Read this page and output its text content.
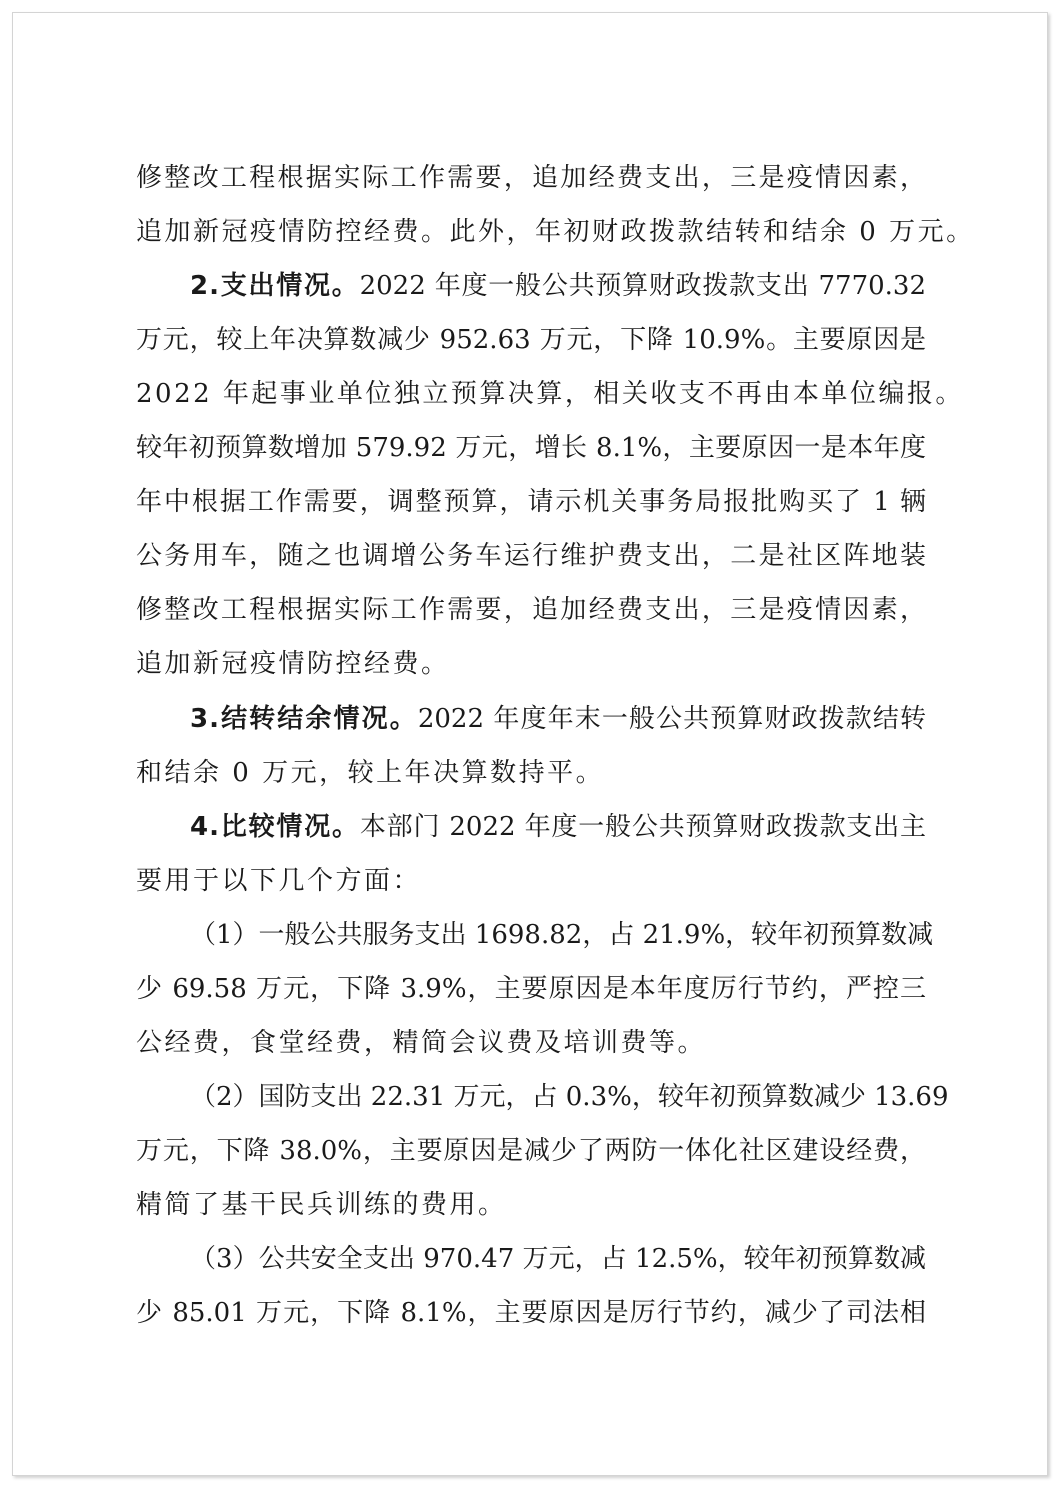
修整改工程根据实际工作需要，追加经费支出，三是疫情因素，
追加新冠疫情防控经费。此外，年初财政拨款结转和结余 0 万元。
2.支出情况。2022 年度一般公共预算财政拨款支出 7770.32
万元，较上年决算数减少 952.63 万元，下降 10.9%。主要原因是
2022 年起事业单位独立预算决算，相关收支不再由本单位编报。
较年初预算数增加 579.92 万元，增长 8.1%，主要原因一是本年度
年中根据工作需要，调整预算，请示机关事务局报批购买了 1 辆
公务用车，随之也调增公务车运行维护费支出，二是社区阵地装
修整改工程根据实际工作需要，追加经费支出，三是疫情因素，
追加新冠疫情防控经费。
3.结转结余情况。2022 年度年末一般公共预算财政拨款结转
和结余 0 万元，较上年决算数持平。
4.比较情况。本部门 2022 年度一般公共预算财政拨款支出主
要用于以下几个方面：
（1）一般公共服务支出 1698.82，占 21.9%，较年初预算数减
少 69.58 万元，下降 3.9%，主要原因是本年度厉行节约，严控三
公经费，食堂经费，精简会议费及培训费等。
（2）国防支出 22.31 万元，占 0.3%，较年初预算数减少 13.69
万元，下降 38.0%，主要原因是减少了两防一体化社区建设经费，
精简了基干民兵训练的费用。
（3）公共安全支出 970.47 万元，占 12.5%，较年初预算数减
少 85.01 万元，下降 8.1%，主要原因是厉行节约，减少了司法相
